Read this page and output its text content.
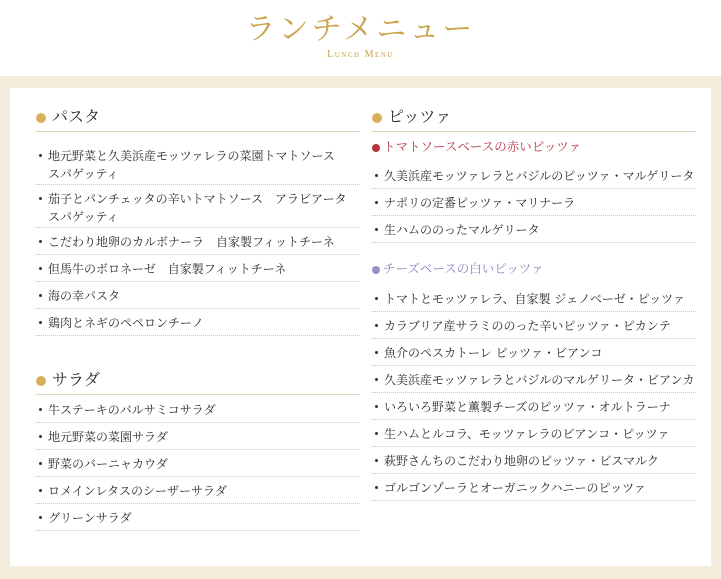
ランチメニュー
Lunch Menu
パスタ
地元野菜と久美浜産モッツァレラの菜園トマトソース
スパゲッティ
茄子とパンチェッタの辛いトマトソース　アラビアータ
スパゲッティ
こだわり地卵のカルボナーラ　自家製フィットチーネ
但馬牛のボロネーゼ　自家製フィットチーネ
海の幸パスタ
鶏肉とネギのペペロンチーノ
サラダ
牛ステーキのバルサミコサラダ
地元野菜の菜園サラダ
野菜のバーニャカウダ
ロメインレタスのシーザーサラダ
グリーンサラダ
ピッツァ
トマトソースベースの赤いピッツァ
久美浜産モッツァレラとバジルのピッツァ・マルゲリータ
ナポリの定番ピッツァ・マリナーラ
生ハムののったマルゲリータ
チーズベースの白いピッツァ
トマトとモッツァレラ、自家製 ジェノベーゼ・ピッツァ
カラブリア産サラミののった辛いピッツァ・ピカンテ
魚介のペスカトーレ ピッツァ・ビアンコ
久美浜産モッツァレラとバジルのマルゲリータ・ビアンカ
いろいろ野菜と薫製チーズのピッツァ・オルトラーナ
生ハムとルコラ、モッツァレラのビアンコ・ピッツァ
萩野さんちのこだわり地卵のピッツァ・ビスマルク
ゴルゴンゾーラとオーガニックハニーのピッツァ
